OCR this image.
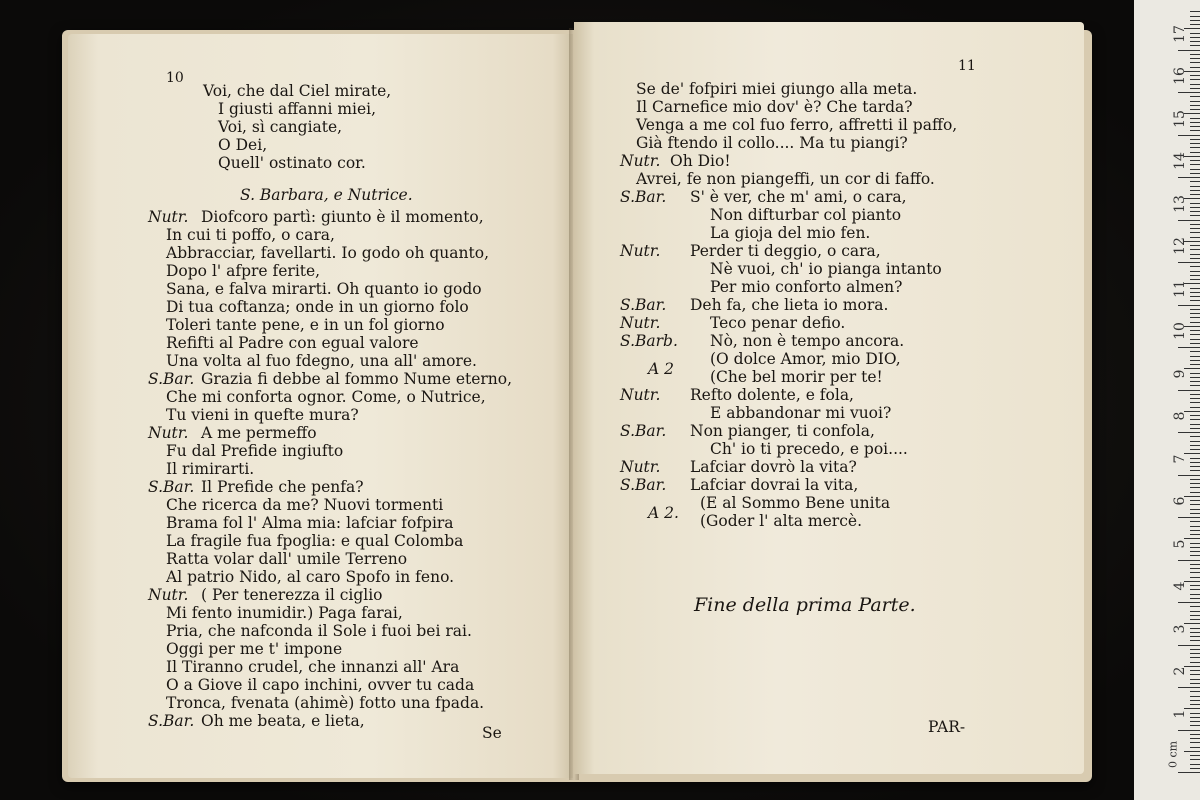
10
Voi, che dal Ciel mirate,
I giusti affanni miei,
Voi, sì cangiate,
O Dei,
Quell' ostinato cor.
S. Barbara, e Nutrice.
Nutr. Diofcoro partì: giunto è il momento,
In cui ti poffo, o cara,
Abbracciar, favellarti. Io godo oh quanto,
Dopo l' afpre ferite,
Sana, e falva mirarti. Oh quanto io godo
Di tua coftanza; onde in un giorno folo
Toleri tante pene, e in un fol giorno
Refifti al Padre con egual valore
Una volta al fuo fdegno, una all' amore.
S.Bar. Grazia fi debbe al fommo Nume eterno,
Che mi conforta ognor. Come, o Nutrice,
Tu vieni in quefte mura?
Nutr. A me permeffo
Fu dal Prefide ingiufto
Il rimirarti.
S.Bar. Il Prefide che penfa?
Che ricerca da me? Nuovi tormenti
Brama fol l' Alma mia: lafciar fofpira
La fragile fua fpoglia: e qual Colomba
Ratta volar dall' umile Terreno
Al patrio Nido, al caro Spofo in feno.
Nutr. ( Per tenerezza il ciglio
Mi fento inumidir.) Paga farai,
Pria, che nafconda il Sole i fuoi bei rai.
Oggi per me t' impone
Il Tiranno crudel, che innanzi all' Ara
O a Giove il capo inchini, ovver tu cada
Tronca, fvenata (ahimè) fotto una fpada.
S.Bar. Oh me beata, e lieta,
Se
11
Se de' fofpiri miei giungo alla meta.
Il Carnefice mio dov' è? Che tarda?
Venga a me col fuo ferro, affretti il paffo,
Già ftendo il collo.... Ma tu piangi?
Nutr. Oh Dio!
Avrei, fe non piangeffi, un cor di faffo.
S.Bar. S' è ver, che m' ami, o cara,
Non difturbar col pianto
La gioja del mio fen.
Nutr. Perder ti deggio, o cara,
Nè vuoi, ch' io pianga intanto
Per mio conforto almen?
S.Bar. Deh fa, che lieta io mora.
Nutr.	Teco penar defio.
S.Barb. Nò, non è tempo ancora.
A 2
(O dolce Amor, mio DIO,
(Che bel morir per te!
Nutr. Refto dolente, e fola,
E abbandonar mi vuoi?
S.Bar. Non pianger, ti confola,
Ch' io ti precedo, e poi....
Nutr. Lafciar dovrò la vita?
S.Bar. Lafciar dovrai la vita,
A 2.
(E al Sommo Bene unita
(Goder l' alta mercè.
Fine della prima Parte.
PAR-
0 cm
1
2
3
4
5
6
7
8
9
10
11
12
13
14
15
16
17
